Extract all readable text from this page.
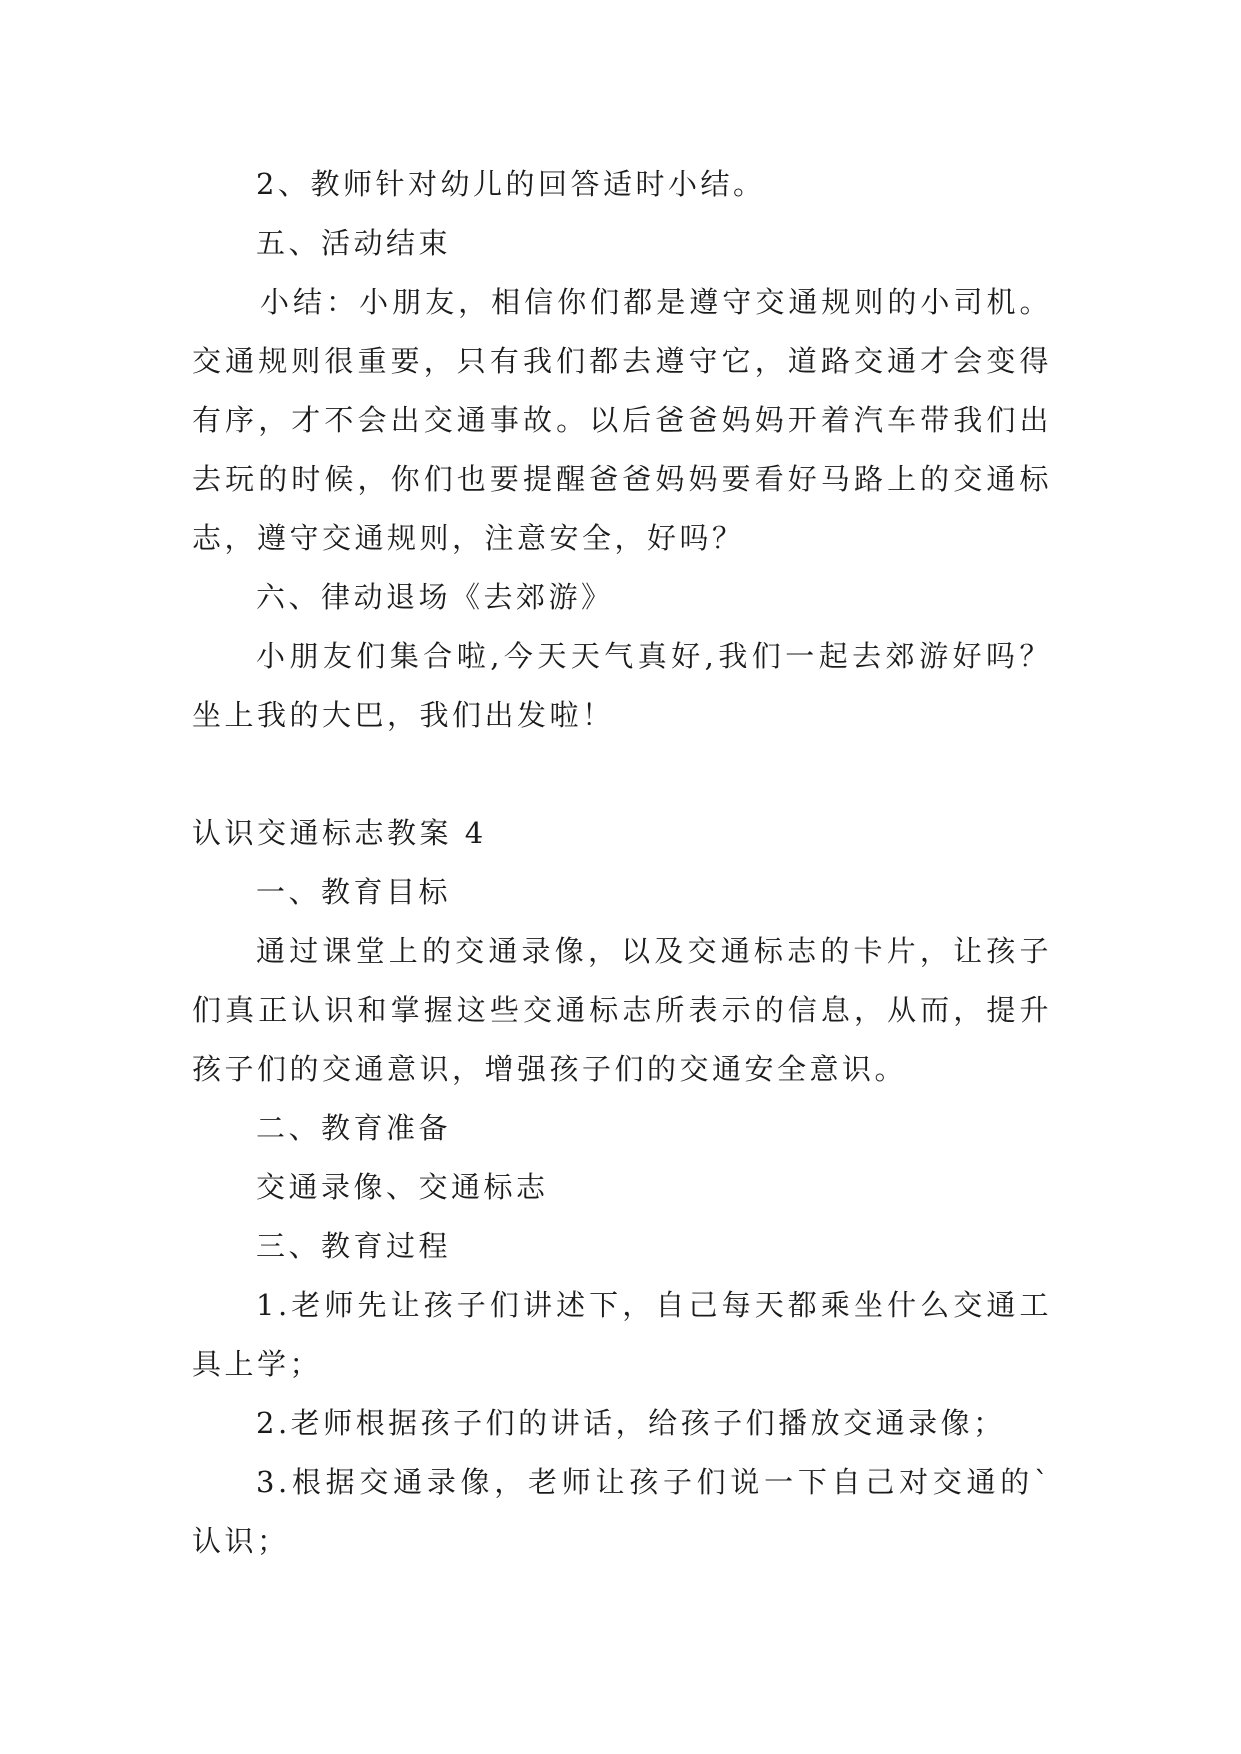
2、教师针对幼儿的回答适时小结。
五、活动结束
小结：小朋友，相信你们都是遵守交通规则的小司机。
交通规则很重要，只有我们都去遵守它，道路交通才会变得
有序，才不会出交通事故。以后爸爸妈妈开着汽车带我们出
去玩的时候，你们也要提醒爸爸妈妈要看好马路上的交通标
志，遵守交通规则，注意安全，好吗？
六、律动退场《去郊游》
小朋友们集合啦,今天天气真好,我们一起去郊游好吗？
坐上我的大巴，我们出发啦！
认识交通标志教案 4
一、教育目标
通过课堂上的交通录像，以及交通标志的卡片，让孩子
们真正认识和掌握这些交通标志所表示的信息，从而，提升
孩子们的交通意识，增强孩子们的交通安全意识。
二、教育准备
交通录像、交通标志
三、教育过程
1.老师先让孩子们讲述下，自己每天都乘坐什么交通工
具上学；
2.老师根据孩子们的讲话，给孩子们播放交通录像；
3.根据交通录像，老师让孩子们说一下自己对交通的`
认识；
